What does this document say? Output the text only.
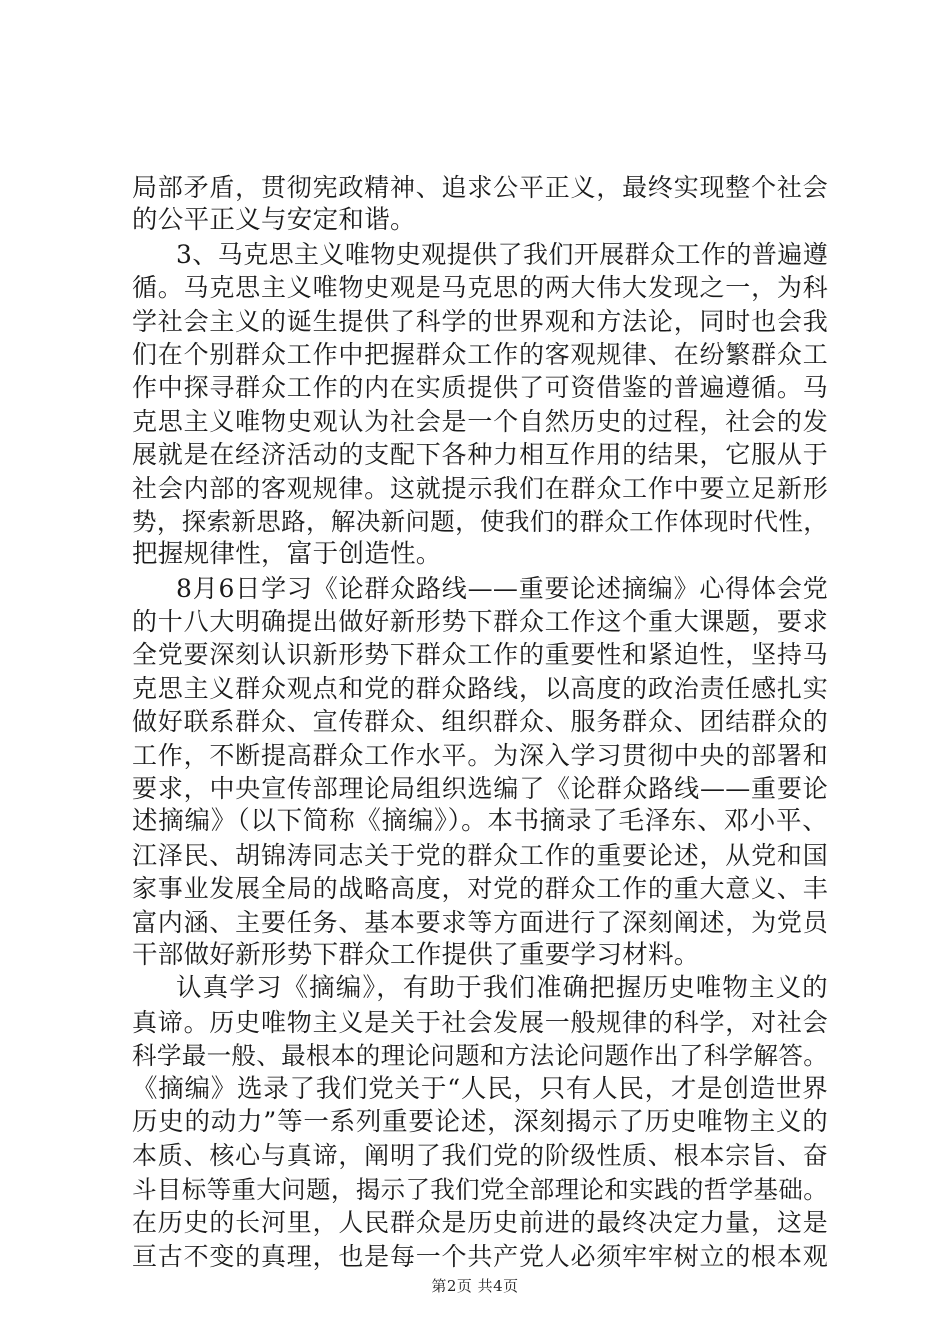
局部矛盾，贯彻宪政精神、追求公平正义，最终实现整个社会
的公平正义与安定和谐。
3、马克思主义唯物史观提供了我们开展群众工作的普遍遵
循。马克思主义唯物史观是马克思的两大伟大发现之一，为科
学社会主义的诞生提供了科学的世界观和方法论，同时也会我
们在个别群众工作中把握群众工作的客观规律、在纷繁群众工
作中探寻群众工作的内在实质提供了可资借鉴的普遍遵循。马
克思主义唯物史观认为社会是一个自然历史的过程，社会的发
展就是在经济活动的支配下各种力相互作用的结果，它服从于
社会内部的客观规律。这就提示我们在群众工作中要立足新形
势，探索新思路，解决新问题，使我们的群众工作体现时代性，
把握规律性，富于创造性。
8月6日学习《论群众路线——重要论述摘编》心得体会党
的十八大明确提出做好新形势下群众工作这个重大课题，要求
全党要深刻认识新形势下群众工作的重要性和紧迫性，坚持马
克思主义群众观点和党的群众路线，以高度的政治责任感扎实
做好联系群众、宣传群众、组织群众、服务群众、团结群众的
工作，不断提高群众工作水平。为深入学习贯彻中央的部署和
要求，中央宣传部理论局组织选编了《论群众路线——重要论
述摘编》（以下简称《摘编》）。本书摘录了毛泽东、邓小平、
江泽民、胡锦涛同志关于党的群众工作的重要论述，从党和国
家事业发展全局的战略高度，对党的群众工作的重大意义、丰
富内涵、主要任务、基本要求等方面进行了深刻阐述，为党员
干部做好新形势下群众工作提供了重要学习材料。
认真学习《摘编》，有助于我们准确把握历史唯物主义的
真谛。历史唯物主义是关于社会发展一般规律的科学，对社会
科学最一般、最根本的理论问题和方法论问题作出了科学解答。
《摘编》选录了我们党关于“人民，只有人民，才是创造世界
历史的动力”等一系列重要论述，深刻揭示了历史唯物主义的
本质、核心与真谛，阐明了我们党的阶级性质、根本宗旨、奋
斗目标等重大问题，揭示了我们党全部理论和实践的哲学基础。
在历史的长河里，人民群众是历史前进的最终决定力量，这是
亘古不变的真理，也是每一个共产党人必须牢牢树立的根本观
第2页 共4页
